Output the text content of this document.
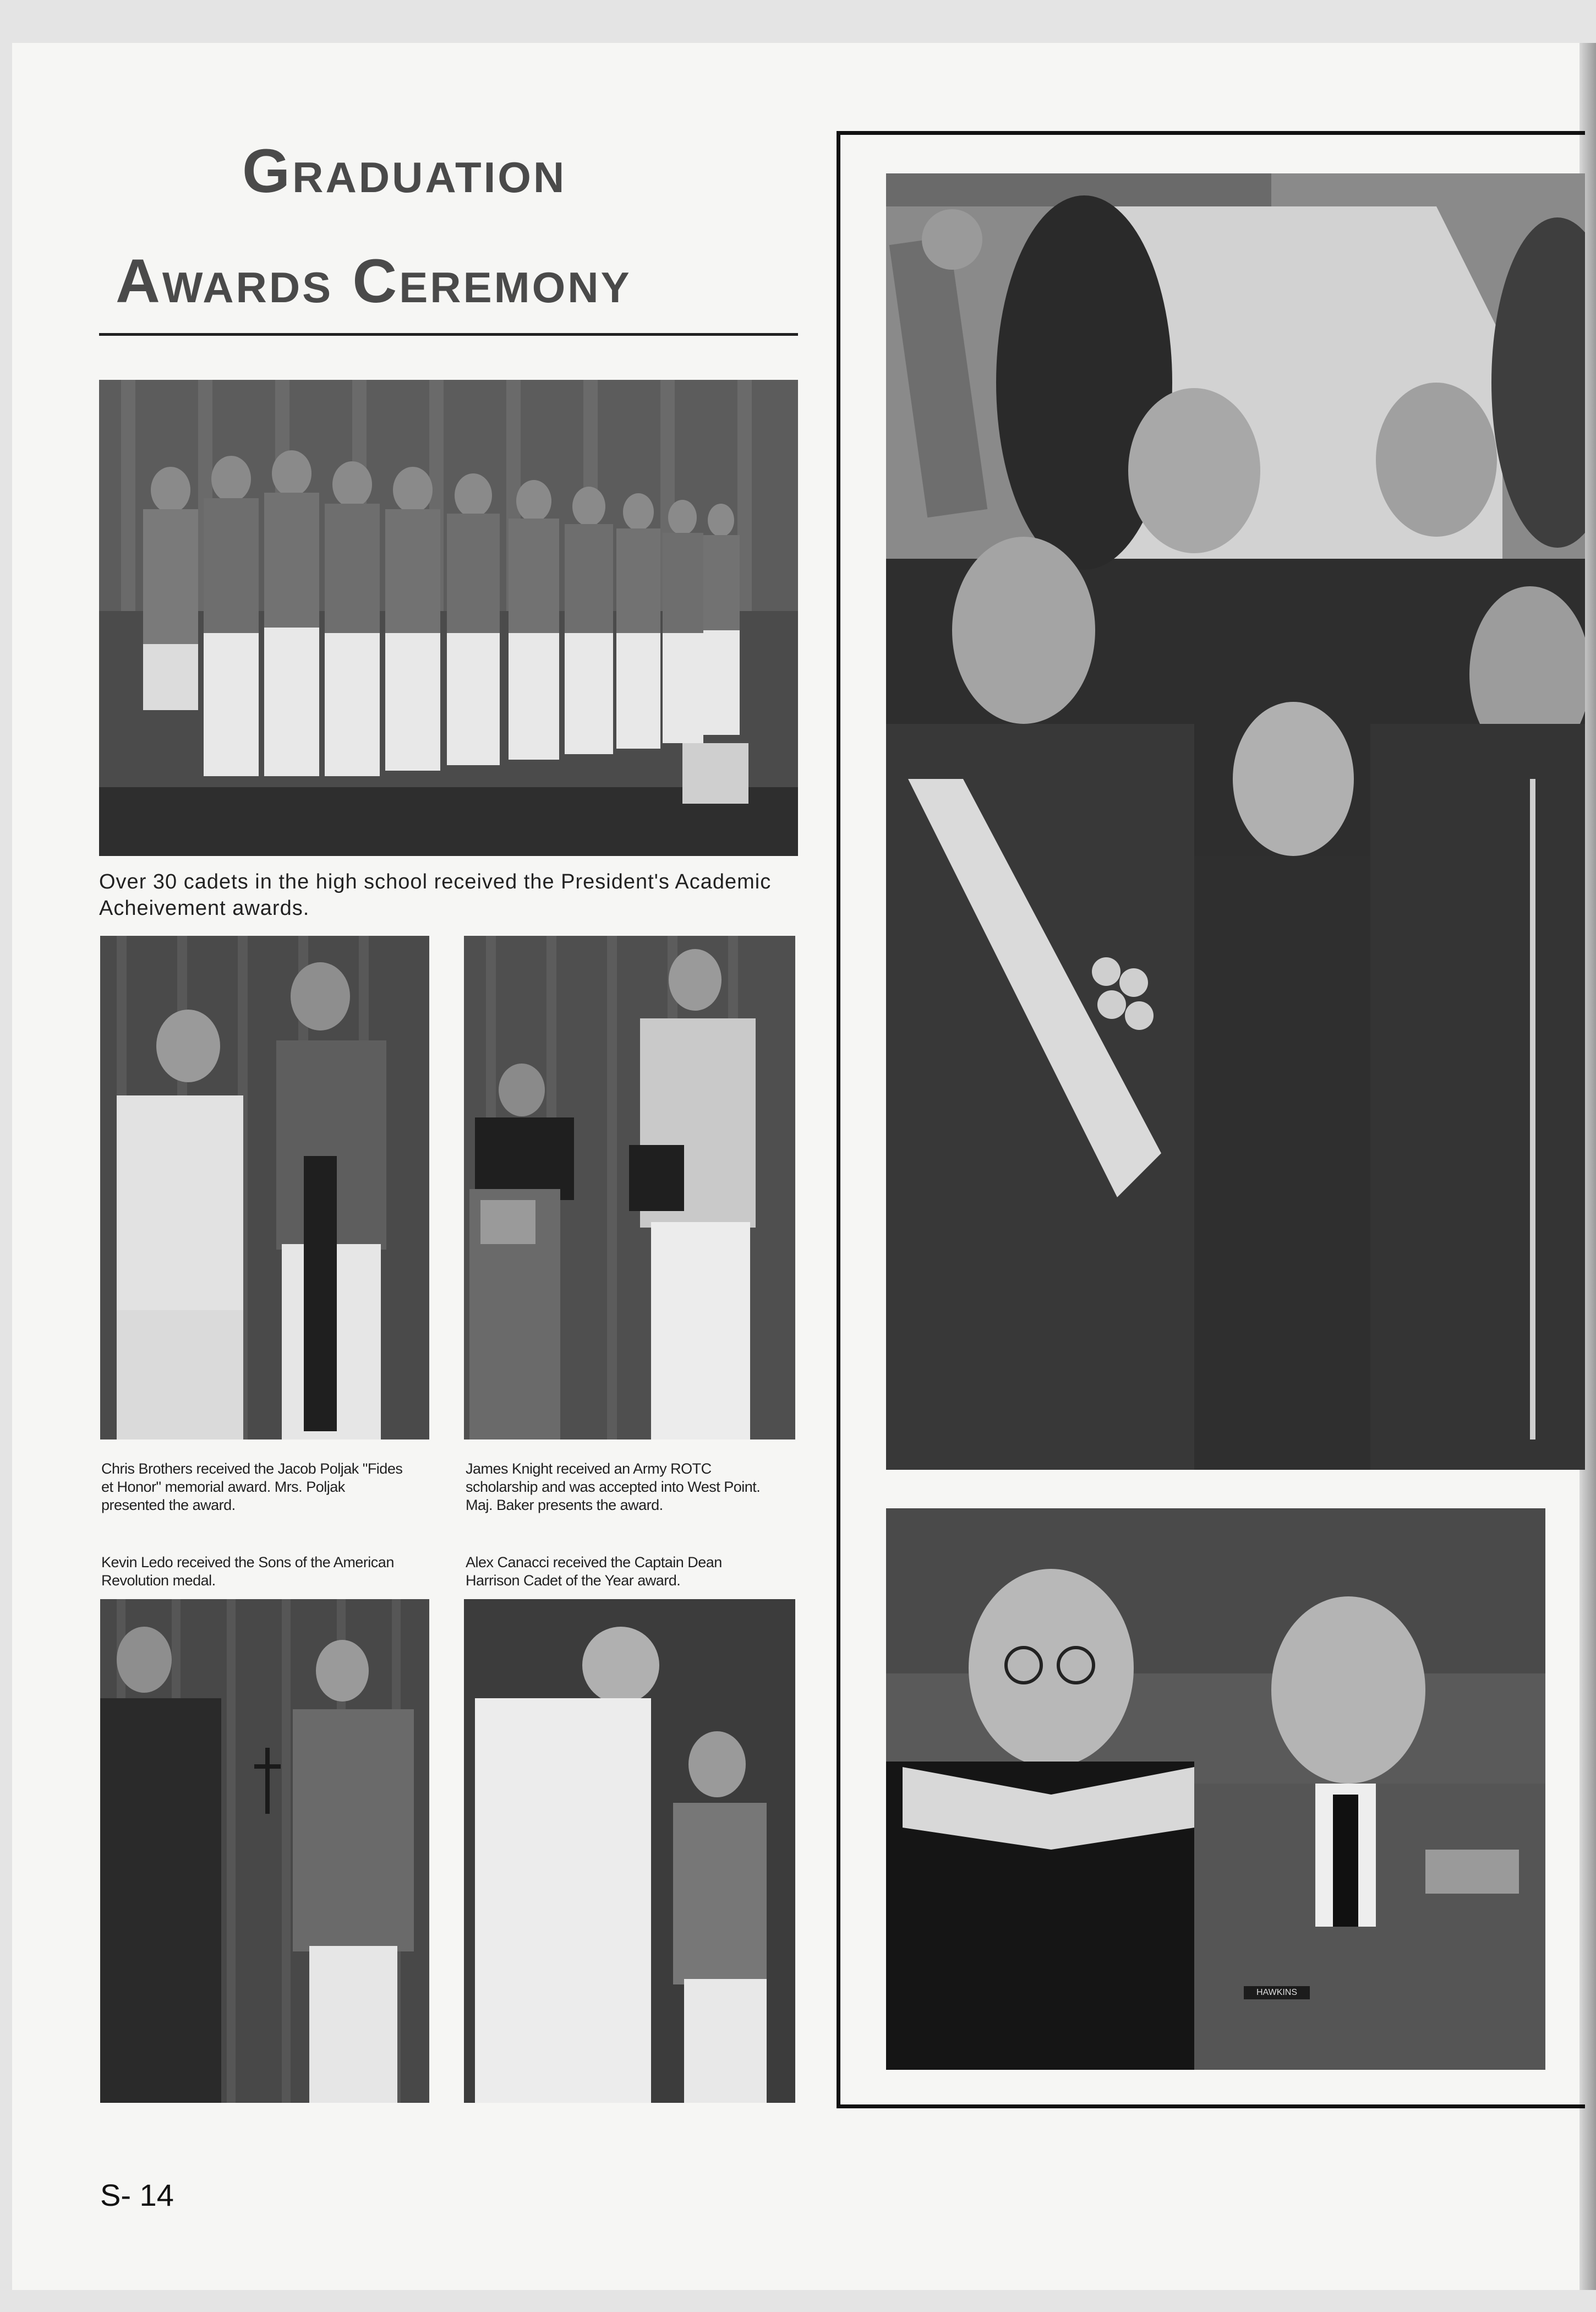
Graduation
Awards Ceremony

Over 30 cadets in the high school received the President's Academic Acheivement awards.

Chris Brothers received the Jacob Poljak "Fides et Honor" memorial award. Mrs. Poljak presented the award.

James Knight received an Army ROTC scholarship and was accepted into West Point. Maj. Baker presents the award.

Kevin Ledo received the Sons of the American Revolution medal.

Alex Canacci received the Captain Dean Harrison Cadet of the Year award.

HAWKINS
S- 14
